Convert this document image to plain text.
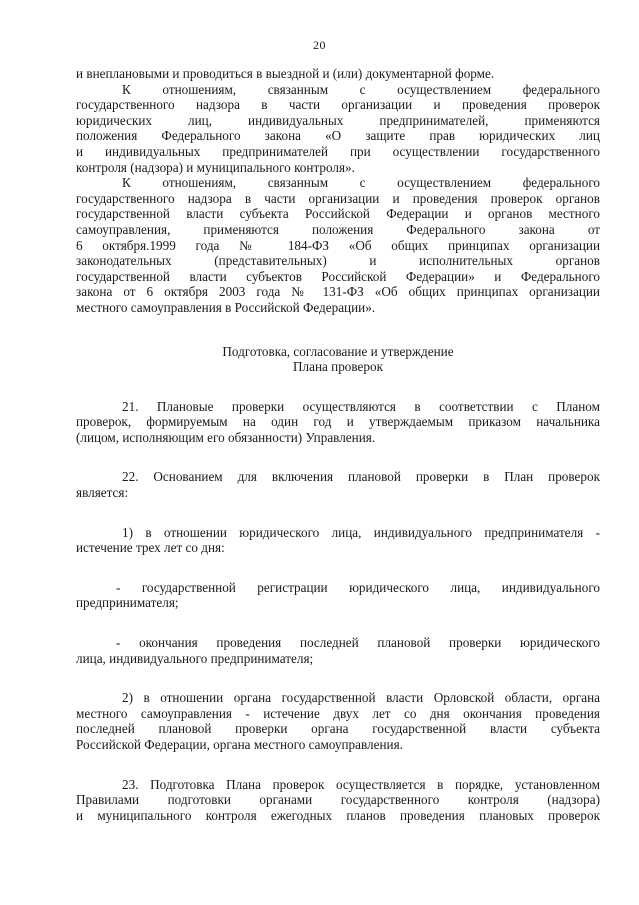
20
и внеплановыми и проводиться в выездной и (или) документарной форме.
К отношениям, связанным с осуществлением федерального
государственного надзора в части организации и проведения проверок
юридических лиц, индивидуальных предпринимателей, применяются
положения Федерального закона «О защите прав юридических лиц
и индивидуальных предпринимателей при осуществлении государственного
контроля (надзора) и муниципального контроля».
К отношениям, связанным с осуществлением федерального
государственного надзора в части организации и проведения проверок органов
государственной власти субъекта Российской Федерации и органов местного
самоуправления, применяются положения Федерального закона от
6 октября.1999 года № 184-ФЗ «Об общих принципах организации
законодательных (представительных) и исполнительных органов
государственной власти субъектов Российской Федерации» и Федерального
закона от 6 октября 2003 года № 131-ФЗ «Об общих принципах организации
местного самоуправления в Российской Федерации».
Подготовка, согласование и утверждение
Плана проверок
21. Плановые проверки осуществляются в соответствии с Планом
проверок, формируемым на один год и утверждаемым приказом начальника
(лицом, исполняющим его обязанности) Управления.
22. Основанием для включения плановой проверки в План проверок
является:
1) в отношении юридического лица, индивидуального предпринимателя -
истечение трех лет со дня:
- государственной регистрации юридического лица, индивидуального
предпринимателя;
- окончания проведения последней плановой проверки юридического
лица, индивидуального предпринимателя;
2) в отношении органа государственной власти Орловской области, органа
местного самоуправления - истечение двух лет со дня окончания проведения
последней плановой проверки органа государственной власти субъекта
Российской Федерации, органа местного самоуправления.
23. Подготовка Плана проверок осуществляется в порядке, установленном
Правилами подготовки органами государственного контроля (надзора)
и муниципального контроля ежегодных планов проведения плановых проверок
